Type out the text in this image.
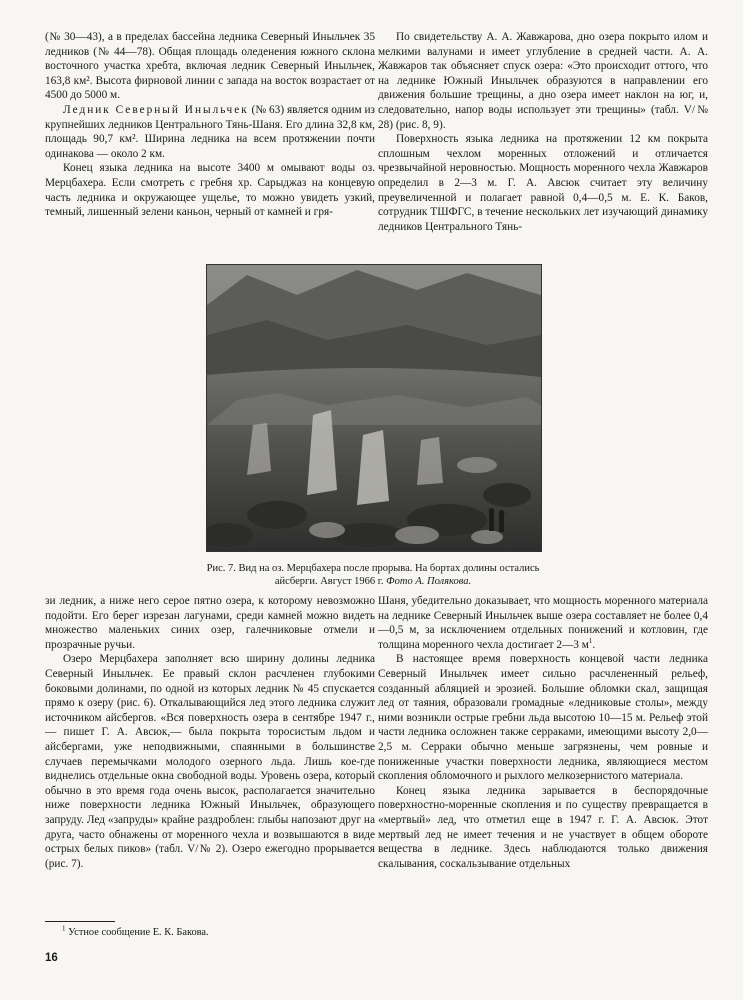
(№ 30—43), а в пределах бассейна ледника Северный Иныльчек 35 ледников (№ 44—78). Общая площадь оледенения южного склона восточного участка хребта, включая ледник Северный Иныльчек, 163,8 км². Высота фирновой линии с запада на восток возрастает от 4500 до 5000 м.

Ледник Северный Иныльчек (№ 63) является одним из крупнейших ледников Центрального Тянь-Шаня. Его длина 32,8 км, площадь 90,7 км². Ширина ледника на всем протяжении почти одинакова — около 2 км.

Конец языка ледника на высоте 3400 м омывают воды оз. Мерцбахера. Если смотреть с гребня хр. Сарыджаз на концевую часть ледника и окружающее ущелье, то можно увидеть узкий, темный, лишенный зелени каньон, черный от камней и гря-

По свидетельству А. А. Жавжарова, дно озера покрыто илом и мелкими валунами и имеет углубление в средней части. А. А. Жавжаров так объясняет спуск озера: «Это происходит оттого, что на леднике Южный Иныльчек образуются в направлении его движения большие трещины, а дно озера имеет наклон на юг, и, следовательно, напор воды использует эти трещины» (табл. V/№ 28) (рис. 8, 9).

Поверхность языка ледника на протяжении 12 км покрыта сплошным чехлом моренных отложений и отличается чрезвычайной неровностью. Мощность моренного чехла Жавжаров определил в 2—3 м. Г. А. Авсюк считает эту величину преувеличенной и полагает равной 0,4—0,5 м. Е. К. Баков, сотрудник ТШФГС, в течение нескольких лет изучающий динамику ледников Центрального Тянь-

Рис. 7. Вид на оз. Мерцбахера после прорыва. На бортах долины остались айсберги. Август 1966 г. Фото А. Полякова.

зи ледник, а ниже него серое пятно озера, к которому невозможно подойти. Его берег изрезан лагунами, среди камней можно видеть множество маленьких синих озер, галечниковые отмели и прозрачные ручьи.

Озеро Мерцбахера заполняет всю ширину долины ледника Северный Иныльчек. Ее правый склон расчленен глубокими боковыми долинами, по одной из которых ледник № 45 спускается прямо к озеру (рис. 6). Откалывающийся лед этого ледника служит источником айсбергов. «Вся поверхность озера в сентябре 1947 г.,— пишет Г. А. Авсюк,— была покрыта торосистым льдом и айсбергами, уже неподвижными, спаянными в большинстве случаев перемычками молодого озерного льда. Лишь кое-где виднелись отдельные окна свободной воды. Уровень озера, который обычно в это время года очень высок, располагается значительно ниже поверхности ледника Южный Иныльчек, образующего запруду. Лед «запруды» крайне раздроблен: глыбы напозают друг на друга, часто обнажены от моренного чехла и возвышаются в виде острых белых пиков» (табл. V/№ 2). Озеро ежегодно прорывается (рис. 7).

Шаня, убедительно доказывает, что мощность моренного материала на леднике Северный Иныльчек выше озера составляет не более 0,4—0,5 м, за исключением отдельных понижений и котловин, где толщина моренного чехла достигает 2—3 $м^1$.

В настоящее время поверхность концевой части ледника Северный Иныльчек имеет сильно расчлененный рельеф, созданный абляцией и эрозией. Большие обломки скал, защищая лед от таяния, образовали громадные «ледниковые столы», между ними возникли острые гребни льда высотою 10—15 м. Рельеф этой части ледника осложнен также серраками, имеющими высоту 2,0—2,5 м. Серраки обычно меньше загрязнены, чем ровные и пониженные участки поверхности ледника, являющиеся местом скопления обломочного и рыхлого мелкозернистого материала.

Конец языка ледника зарывается в беспорядочные поверхностно-моренные скопления и по существу превращается в «мертвый» лед, что отметил еще в 1947 г. Г. А. Авсюк. Этот мертвый лед не имеет течения и не участвует в общем обороте вещества в леднике. Здесь наблюдаются только движения скалывания, соскальзывание отдельных

$^1$ Устное сообщение Е. К. Бакова.
16
